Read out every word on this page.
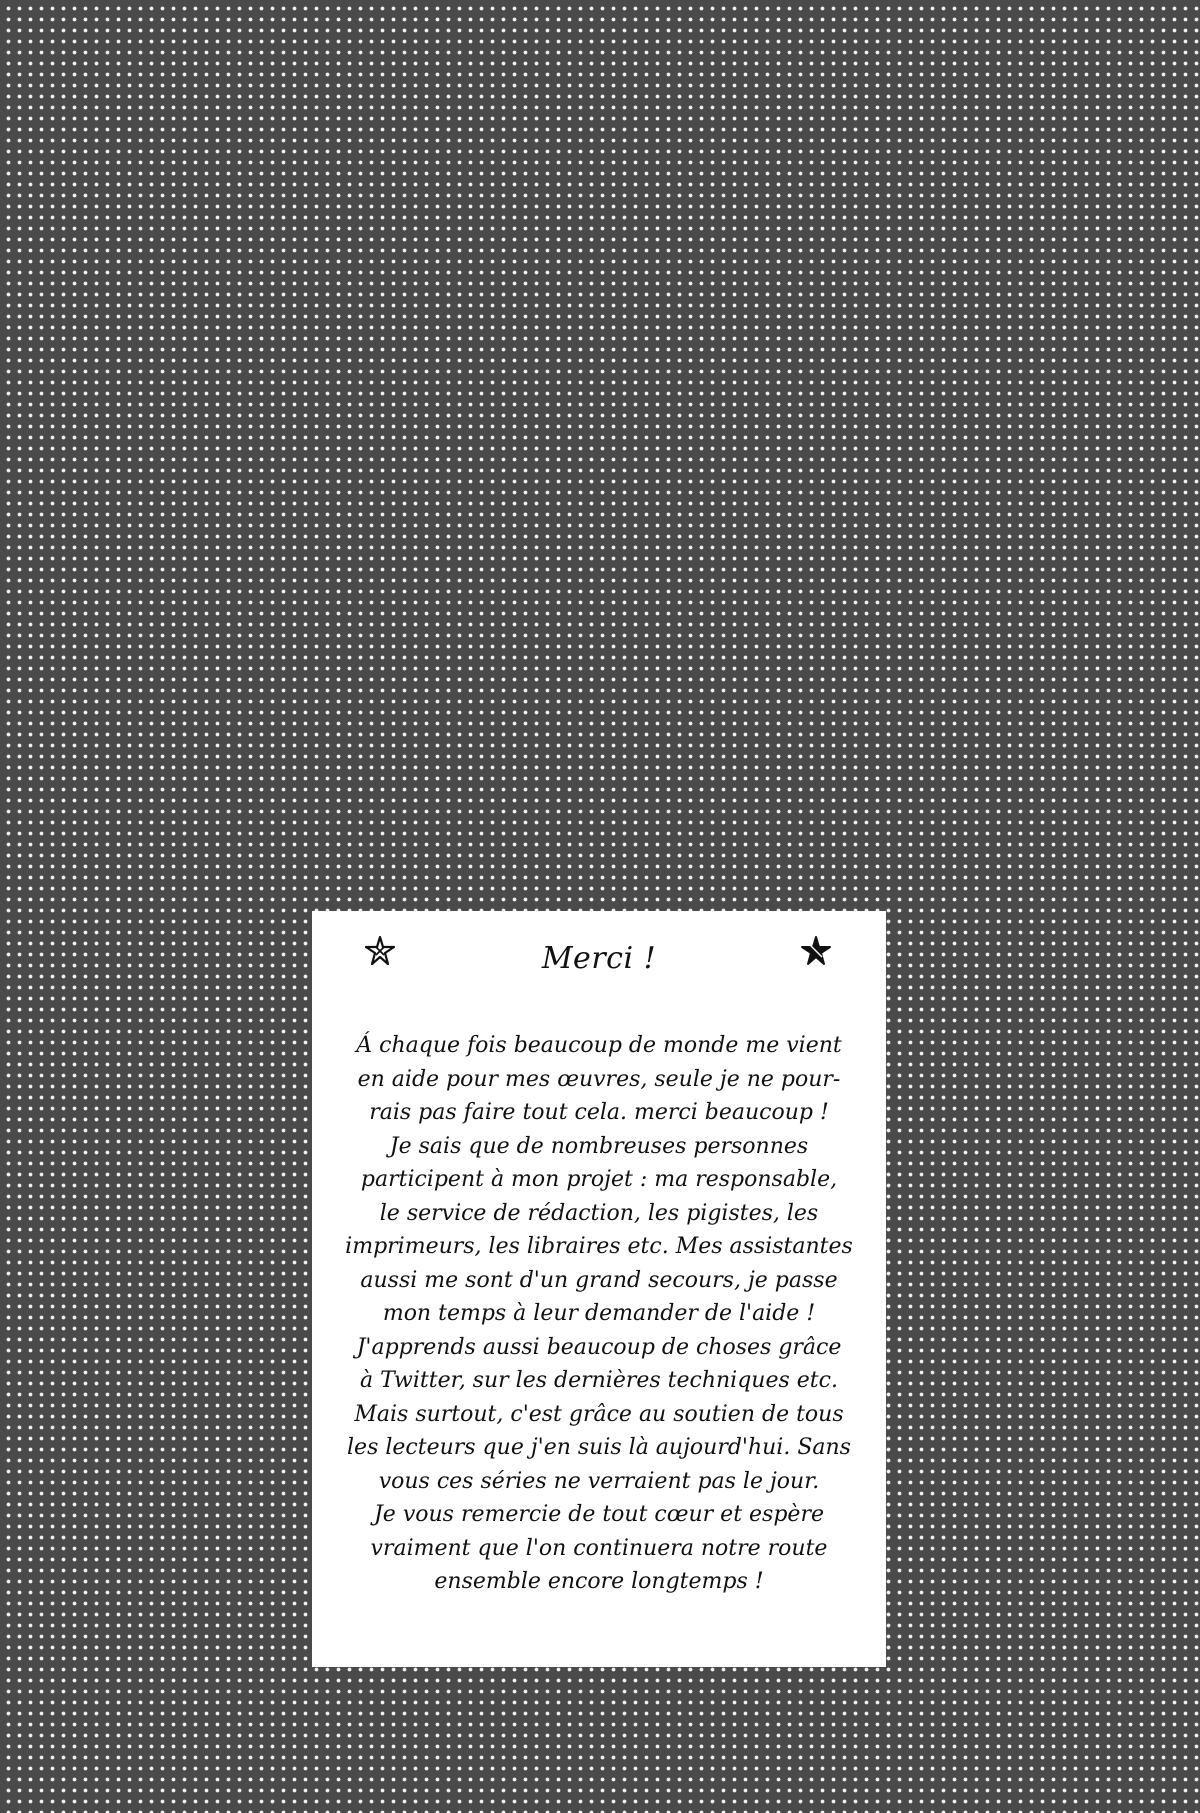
Merci !
Á chaque fois beaucoup de monde me vient
en aide pour mes œuvres, seule je ne pour-
rais pas faire tout cela. merci beaucoup !
Je sais que de nombreuses personnes
participent à mon projet : ma responsable,
le service de rédaction, les pigistes, les
imprimeurs, les libraires etc. Mes assistantes
aussi me sont d'un grand secours, je passe
mon temps à leur demander de l'aide !
J'apprends aussi beaucoup de choses grâce
à Twitter, sur les dernières techniques etc.
Mais surtout, c'est grâce au soutien de tous
les lecteurs que j'en suis là aujourd'hui. Sans
vous ces séries ne verraient pas le jour.
Je vous remercie de tout cœur et espère
vraiment que l'on continuera notre route
ensemble encore longtemps !
